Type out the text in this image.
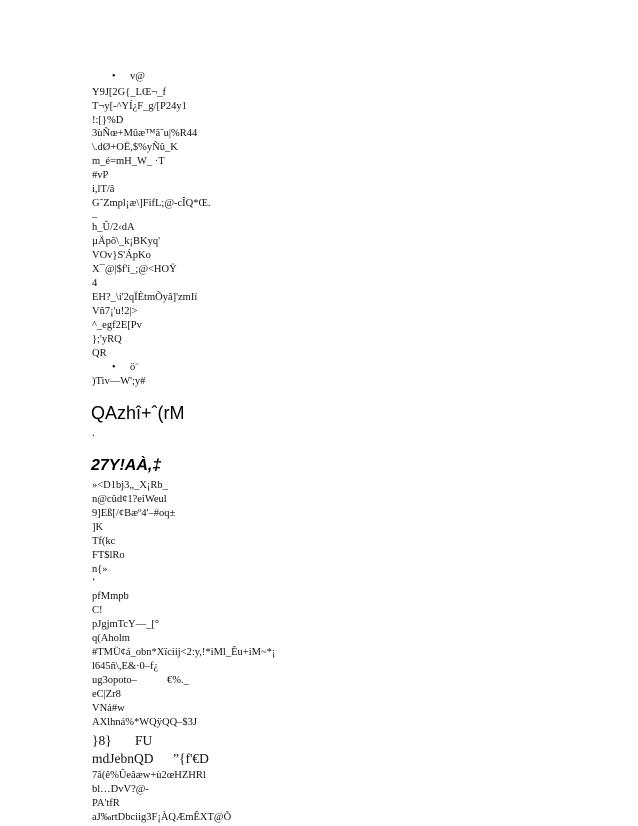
• v@
Y9J[2G{_LŒ¬_f
T¬y[-^YÍ¿F_g/[P24y1
!:[}%D
3ùÑœ+Mûæ™ã˜u|%R44
\.dØ+OË,$%yÑû_K
m_é=mH_W_ ·T
#vP
i,lT/â
G˜Zmpl¡æ\]FifL;@-cÎQ*Œ.
_
h_Û/2‹dA
µÄpõ\_k¡BKyq'
VOv}S'ÁpKo
X¯@|$f'i_;@<HOŸ
4
EH?_\í'2qÏÈtmÕyâ]'zmIí
Vñ7¡'u!2|>
^_egf2E[Pv
};'yRQ
QR
• ö¨
)Tiv—W';y#
QAzhî+ˆ(rM
.
27Y!AÀ,‡
»<D1bj3„_X¡Rb_
n@cûd¢1?eiWeul
9]Eß[/¢Bæº4'–#oq±
]K
Tf(kc
FT$lRo
n{»
‘
pfMmpb
C!
pJgjmTcY—_[°
q(Aholm
#TMÜ¢á_obn*Xïciij<2:y,!*iMl_Êu+iM~*¡
l645ñ\,E&·0–f¿
ug3opoto–	€%._
eC|Zr8
VNá#w
AXlhná%*WQÿQQ–$3J
}8} FU
mdJebnQD ”{f'€D
7ã(ê%Ûeãæw+ù2œHZHRl
bl…DvV?@-
PA'tfR
aJ‰rtDbciig3F¡ÀQÆmÊXT@Õ
